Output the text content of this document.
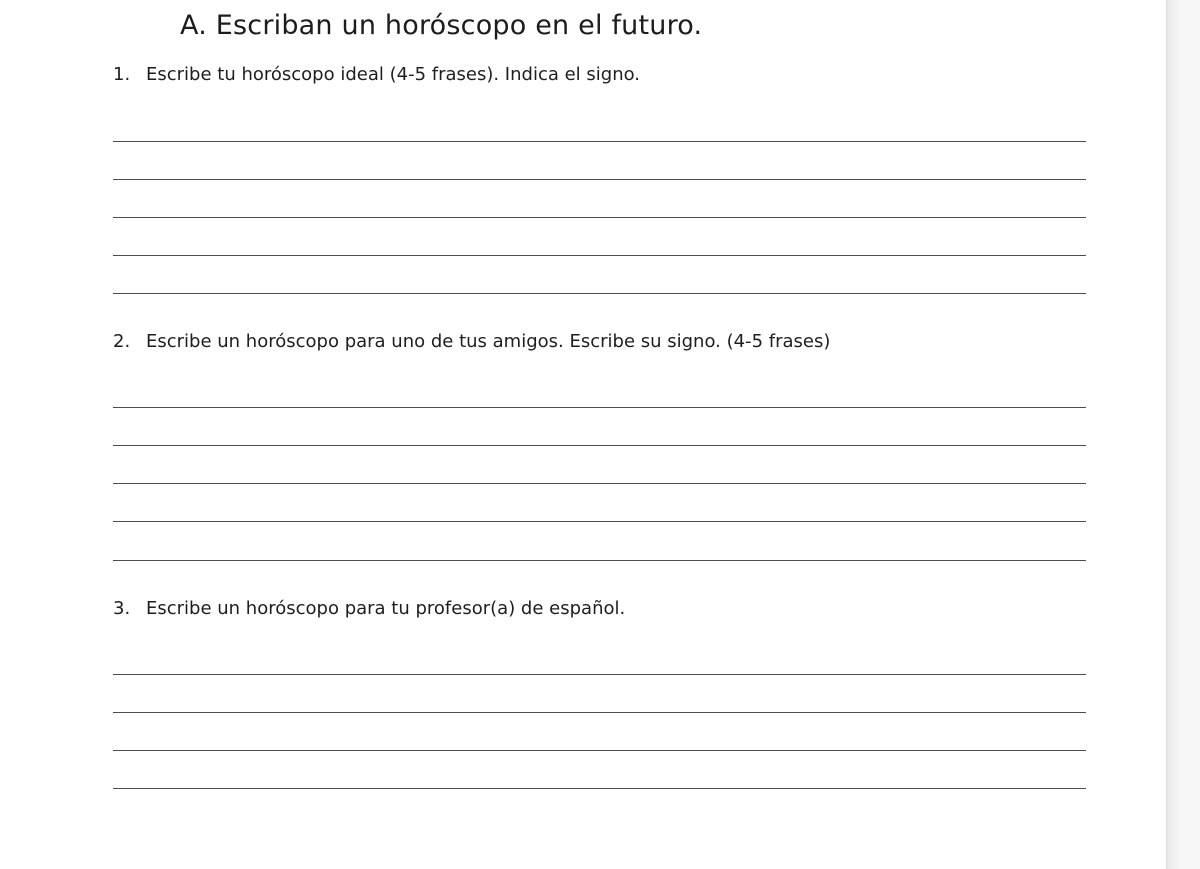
A. Escriban un horóscopo en el futuro.
1. Escribe tu horóscopo ideal (4-5 frases). Indica el signo.
2. Escribe un horóscopo para uno de tus amigos. Escribe su signo. (4-5 frases)
3. Escribe un horóscopo para tu profesor(a) de español.
